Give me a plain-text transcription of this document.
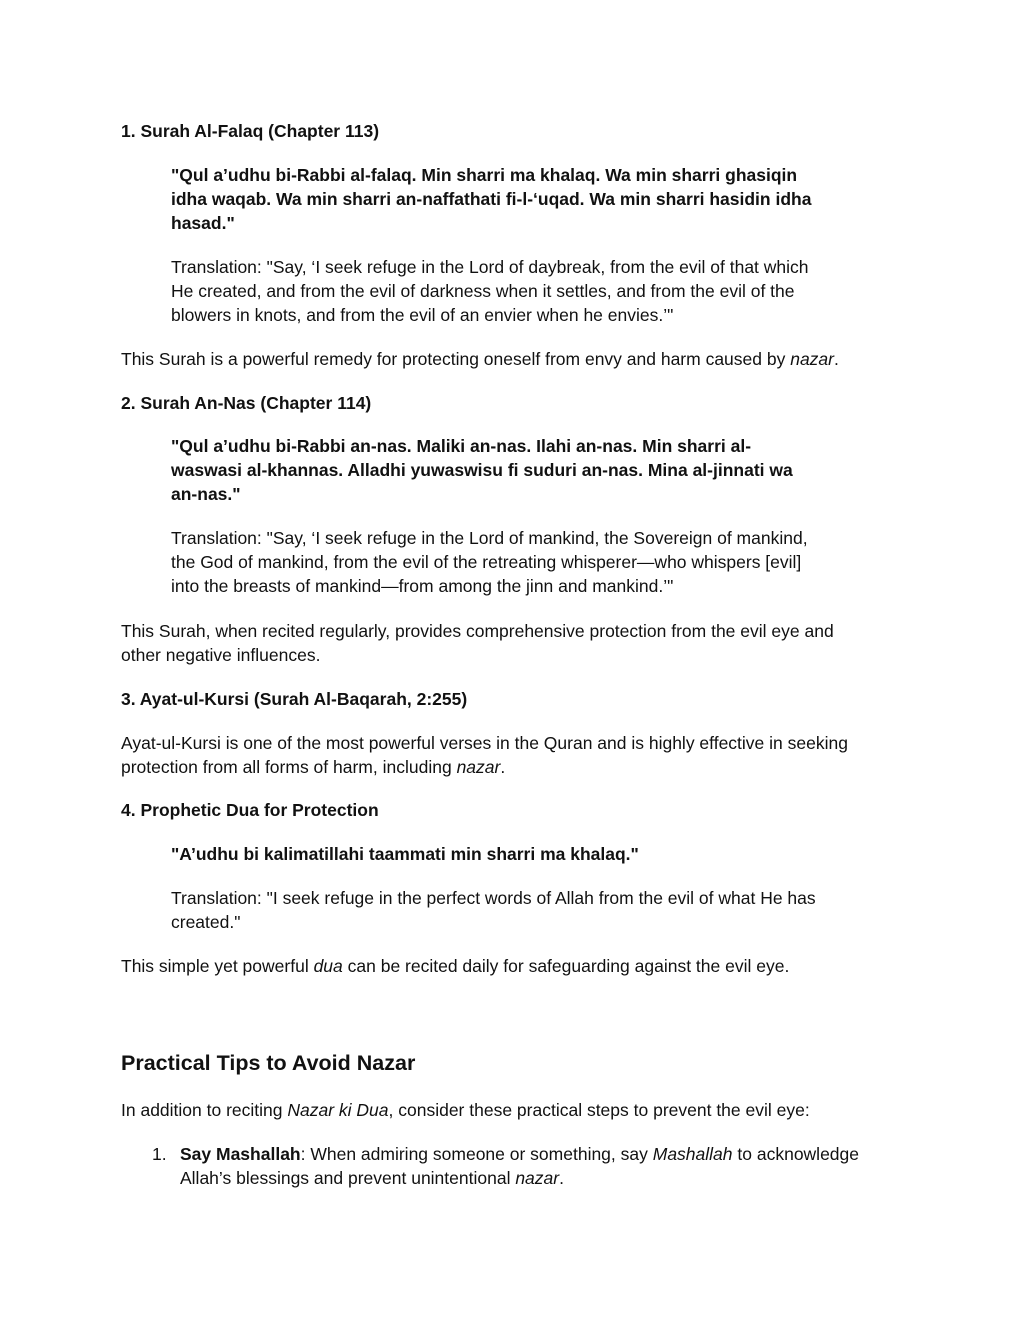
1. Surah Al-Falaq (Chapter 113)

"Qul a’udhu bi-Rabbi al-falaq. Min sharri ma khalaq. Wa min sharri ghasiqin
idha waqab. Wa min sharri an-naffathati fi-l-‘uqad. Wa min sharri hasidin idha
hasad."

Translation: "Say, ‘I seek refuge in the Lord of daybreak, from the evil of that which
He created, and from the evil of darkness when it settles, and from the evil of the
blowers in knots, and from the evil of an envier when he envies.’"

This Surah is a powerful remedy for protecting oneself from envy and harm caused by nazar.

2. Surah An-Nas (Chapter 114)

"Qul a’udhu bi-Rabbi an-nas. Maliki an-nas. Ilahi an-nas. Min sharri al-
waswasi al-khannas. Alladhi yuwaswisu fi suduri an-nas. Mina al-jinnati wa
an-nas."

Translation: "Say, ‘I seek refuge in the Lord of mankind, the Sovereign of mankind,
the God of mankind, from the evil of the retreating whisperer—who whispers [evil]
into the breasts of mankind—from among the jinn and mankind.’"

This Surah, when recited regularly, provides comprehensive protection from the evil eye and
other negative influences.

3. Ayat-ul-Kursi (Surah Al-Baqarah, 2:255)

Ayat-ul-Kursi is one of the most powerful verses in the Quran and is highly effective in seeking
protection from all forms of harm, including nazar.

4. Prophetic Dua for Protection

"A’udhu bi kalimatillahi taammati min sharri ma khalaq."

Translation: "I seek refuge in the perfect words of Allah from the evil of what He has
created."

This simple yet powerful dua can be recited daily for safeguarding against the evil eye.

Practical Tips to Avoid Nazar

In addition to reciting Nazar ki Dua, consider these practical steps to prevent the evil eye:

1. Say Mashallah: When admiring someone or something, say Mashallah to acknowledge
Allah’s blessings and prevent unintentional nazar.
